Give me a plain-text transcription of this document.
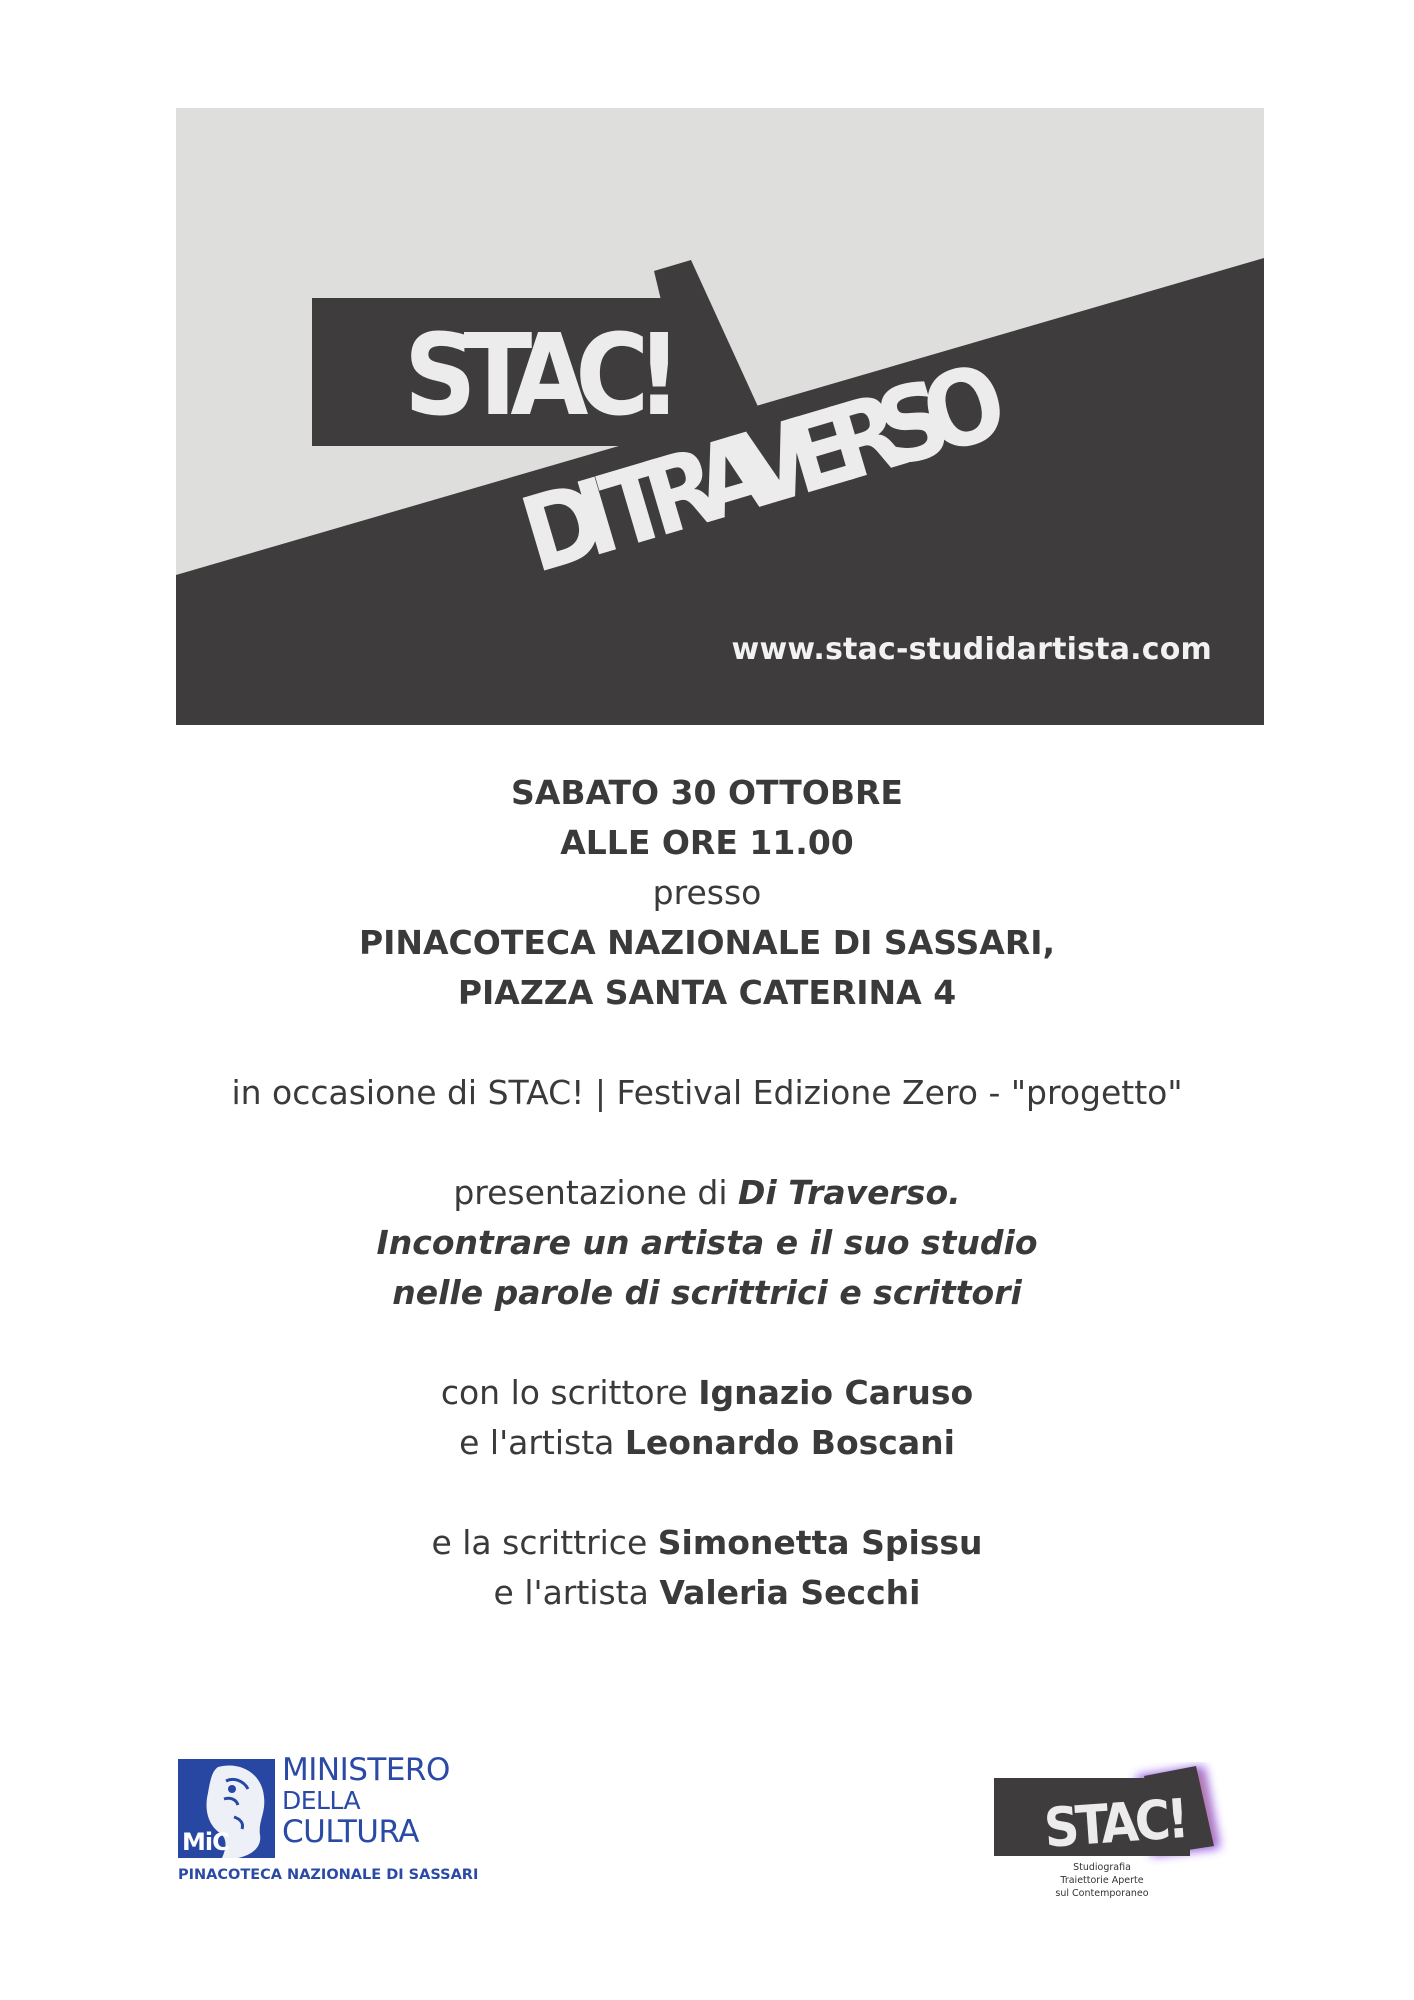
STAC!
DI TRAVERSO
www.stac-studidartista.com

SABATO 30 OTTOBRE

ALLE ORE 11.00

presso

PINACOTECA NAZIONALE DI SASSARI,

PIAZZA SANTA CATERINA 4

in occasione di STAC! | Festival Edizione Zero - "progetto"

presentazione di Di Traverso.

Incontrare un artista e il suo studio

nelle parole di scrittrici e scrittori

con lo scrittore Ignazio Caruso

e l'artista Leonardo Boscani

e la scrittrice Simonetta Spissu

e l'artista Valeria Secchi

MiC
MINISTERO
DELLA
CULTURA
PINACOTECA NAZIONALE DI SASSARI
STAC!
Studiografia
Traiettorie Aperte
sul Contemporaneo
